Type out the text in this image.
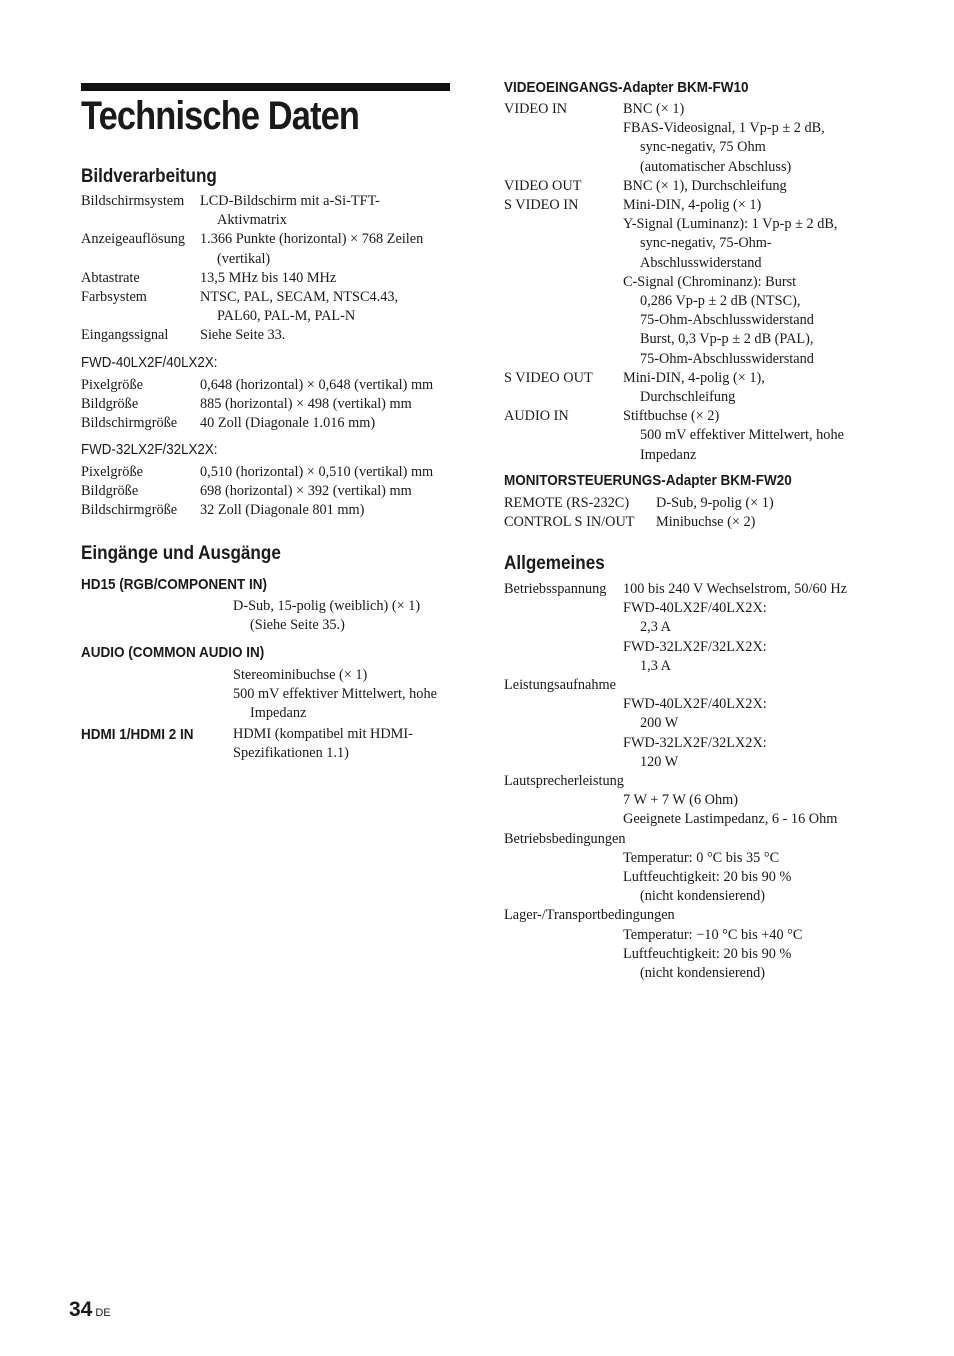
Technische Daten
Bildverarbeitung
Bildschirmsystem	LCD-Bildschirm mit a-Si-TFT-
Aktivmatrix
Anzeigeauflösung	1.366 Punkte (horizontal) × 768 Zeilen
(vertikal)
Abtastrate	13,5 MHz bis 140 MHz
Farbsystem	NTSC, PAL, SECAM, NTSC4.43,
PAL60, PAL-M, PAL-N
Eingangssignal	Siehe Seite 33.
FWD-40LX2F/40LX2X:
Pixelgröße	0,648 (horizontal) × 0,648 (vertikal) mm
Bildgröße	885 (horizontal) × 498 (vertikal) mm
Bildschirmgröße	40 Zoll (Diagonale 1.016 mm)
FWD-32LX2F/32LX2X:
Pixelgröße	0,510 (horizontal) × 0,510 (vertikal) mm
Bildgröße	698 (horizontal) × 392 (vertikal) mm
Bildschirmgröße	32 Zoll (Diagonale 801 mm)
Eingänge und Ausgänge
HD15 (RGB/COMPONENT IN)
D-Sub, 15-polig (weiblich) (× 1)
(Siehe Seite 35.)
AUDIO (COMMON AUDIO IN)
Stereominibuchse (× 1)
500 mV effektiver Mittelwert, hohe
Impedanz
HDMI 1/HDMI 2 IN	HDMI (kompatibel mit HDMI- Spezifikationen 1.1)
VIDEOEINGANGS-Adapter BKM-FW10
VIDEO IN	BNC (× 1)
FBAS-Videosignal, 1 Vp-p ± 2 dB,
sync-negativ, 75 Ohm
(automatischer Abschluss)
VIDEO OUT	BNC (× 1), Durchschleifung
S VIDEO IN	Mini-DIN, 4-polig (× 1)
Y-Signal (Luminanz): 1 Vp-p ± 2 dB,
sync-negativ, 75-Ohm-
Abschlusswiderstand
C-Signal (Chrominanz): Burst
0,286 Vp-p ± 2 dB (NTSC),
75-Ohm-Abschlusswiderstand
Burst, 0,3 Vp-p ± 2 dB (PAL),
75-Ohm-Abschlusswiderstand
S VIDEO OUT	Mini-DIN, 4-polig (× 1),
Durchschleifung
AUDIO IN	Stiftbuchse (× 2)
500 mV effektiver Mittelwert, hohe
Impedanz
MONITORSTEUERUNGS-Adapter BKM-FW20
REMOTE (RS-232C)	D-Sub, 9-polig (× 1)
CONTROL S IN/OUT	Minibuchse (× 2)
Allgemeines
Betriebsspannung	100 bis 240 V Wechselstrom, 50/60 Hz
FWD-40LX2F/40LX2X:
2,3 A
FWD-32LX2F/32LX2X:
1,3 A
Leistungsaufnahme
FWD-40LX2F/40LX2X:
200 W
FWD-32LX2F/32LX2X:
120 W
Lautsprecherleistung
7 W + 7 W (6 Ohm)
Geeignete Lastimpedanz, 6 - 16 Ohm
Betriebsbedingungen
Temperatur: 0 °C bis 35 °C
Luftfeuchtigkeit: 20 bis 90 %
(nicht kondensierend)
Lager-/Transportbedingungen
Temperatur: −10 °C bis +40 °C
Luftfeuchtigkeit: 20 bis 90 %
(nicht kondensierend)
34 DE
